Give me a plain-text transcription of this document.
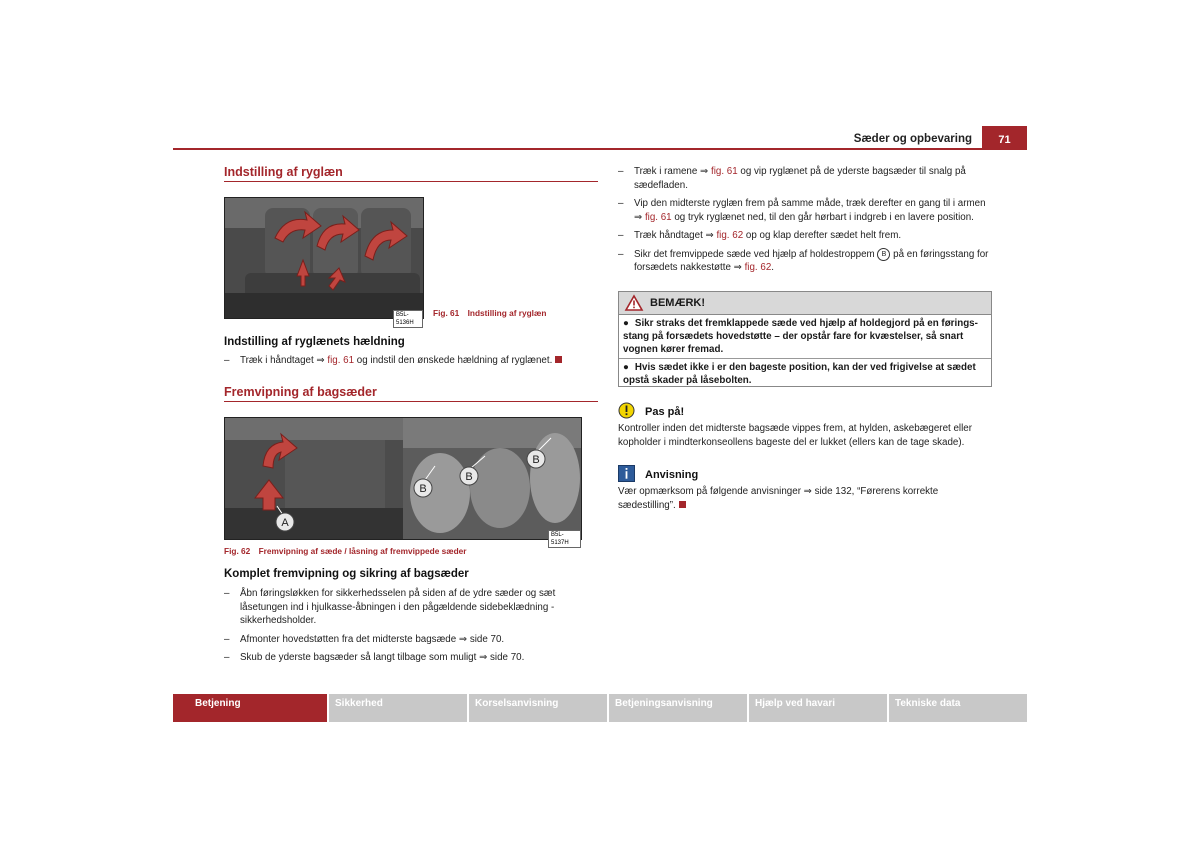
Sæder og opbevaring	71
Indstilling af ryglæn
B5L-5136H
Fig. 61 Indstilling af ryglæn
Indstilling af ryglænets hældning
– Træk i håndtaget ⇒ fig. 61 og indstil den ønskede hældning af ryglænet.
Fremvipning af bagsæder
A
B
B
B
B5L-5137H
Fig. 62 Fremvipning af sæde / låsning af fremvippede sæder
Komplet fremvipning og sikring af bagsæder
– Åbn føringsløkken for sikkerhedsselen på siden af de ydre sæder og sæt låsetungen ind i hjulkasse-åbningen i den pågældende sidebeklædning - sikkerhedsholder.
– Afmonter hovedstøtten fra det midterste bagsæde ⇒ side 70.
– Skub de yderste bagsæder så langt tilbage som muligt ⇒ side 70.
– Træk i ramene ⇒ fig. 61 og vip ryglænet på de yderste bagsæder til snalg på sædefladen.
– Vip den midterste ryglæn frem på samme måde, træk derefter en gang til i armen ⇒ fig. 61 og tryk ryglænet ned, til den går hørbart i indgreb i en lavere position.
– Træk håndtaget ⇒ fig. 62 op og klap derefter sædet helt frem.
– Sikr det fremvippede sæde ved hjælp af holdestroppem B på en føringsstang for forsædets nakkestøtte ⇒ fig. 62.
BEMÆRK!
● Sikr straks det fremklappede sæde ved hjælp af holdegjord på en føringsstang på forsædets hovedstøtte – der opstår fare for kvæstelser, så snart vognen kører fremad.
● Hvis sædet ikke i er den bageste position, kan der ved frigivelse at sædet opstå skader på låsebolten.
Pas på!
Kontroller inden det midterste bagsæde vippes frem, at hylden, askebægeret eller kopholder i mindterkonseollens bageste del er lukket (ellers kan de tage skade).
Anvisning
Vær opmærksom på følgende anvisninger ⇒ side 132, “Førerens korrekte sædestilling”.
Betjening	Sikkerhed	Korselsanvisning	Betjeningsanvisning	Hjælp ved havari	Tekniske data
